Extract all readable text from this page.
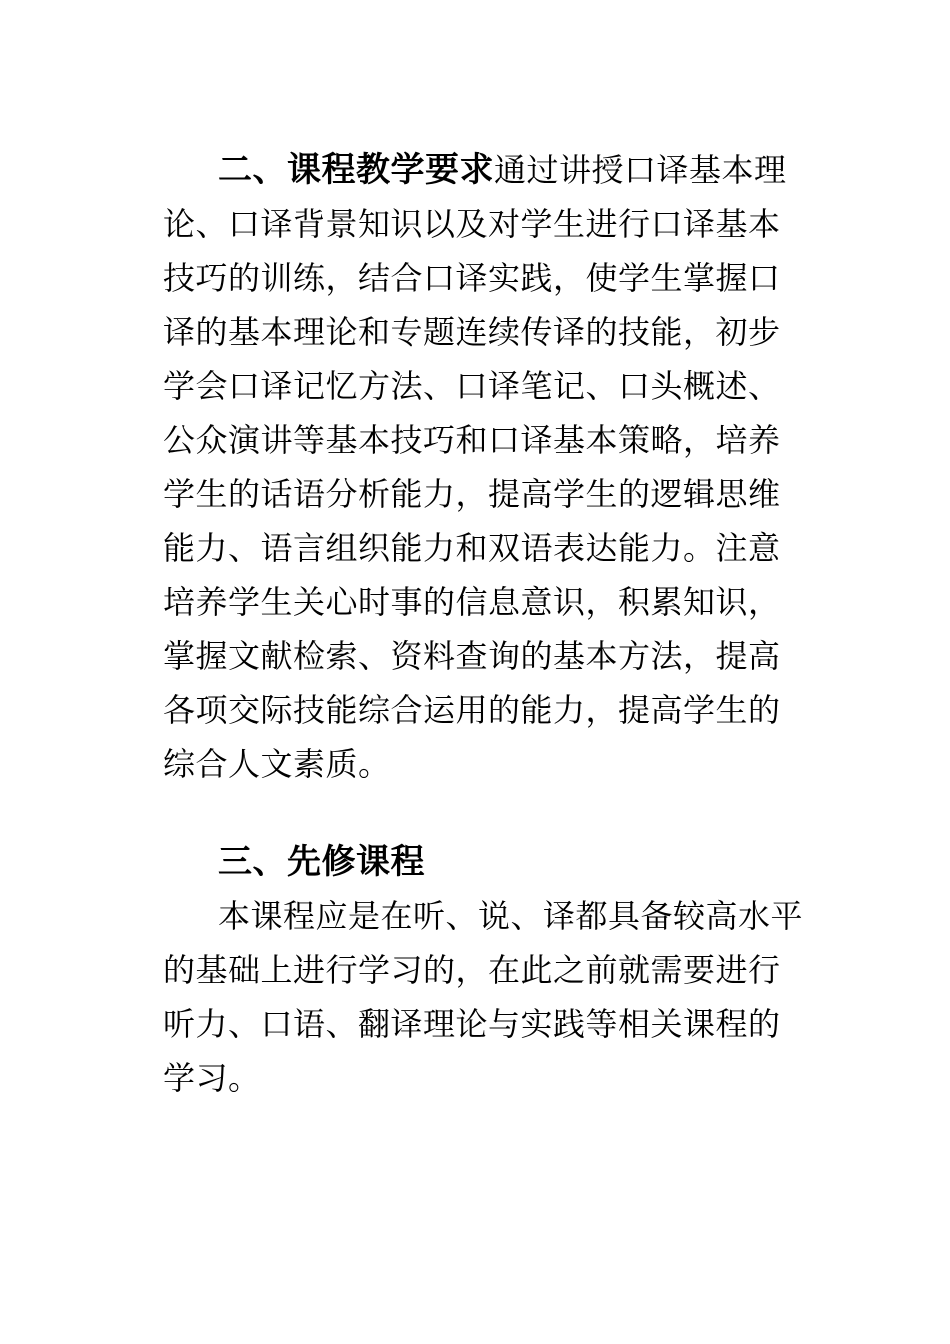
二、课程教学要求通过讲授口译基本理
论、口译背景知识以及对学生进行口译基本
技巧的训练，结合口译实践，使学生掌握口
译的基本理论和专题连续传译的技能，初步
学会口译记忆方法、口译笔记、口头概述、
公众演讲等基本技巧和口译基本策略，培养
学生的话语分析能力，提高学生的逻辑思维
能力、语言组织能力和双语表达能力。注意
培养学生关心时事的信息意识，积累知识，
掌握文献检索、资料查询的基本方法，提高
各项交际技能综合运用的能力，提高学生的
综合人文素质。
三、先修课程
本课程应是在听、说、译都具备较高水平
的基础上进行学习的，在此之前就需要进行
听力、口语、翻译理论与实践等相关课程的
学习。
